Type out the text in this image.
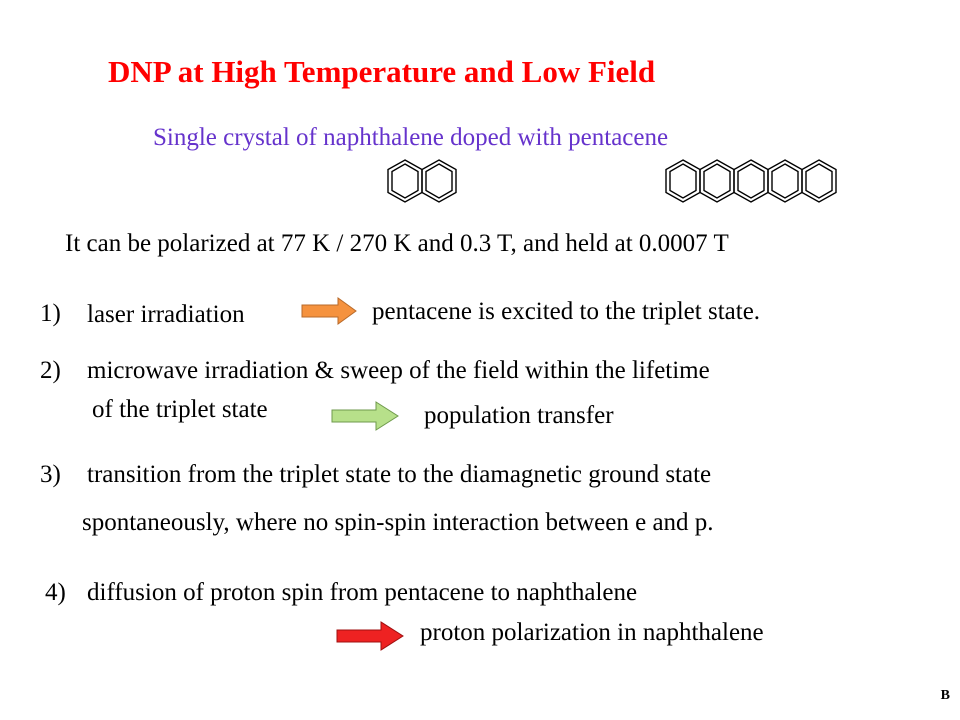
DNP at High Temperature and Low Field
Single crystal of naphthalene doped with pentacene
It can be polarized at 77 K / 270 K and 0.3 T, and held at 0.0007 T
1) laser irradiation	pentacene is excited to the triplet state.
2) microwave irradiation & sweep of the field within the lifetime
of the triplet state	population transfer
3) transition from the triplet state to the diamagnetic ground state
spontaneously, where no spin-spin interaction between e and p.
4) diffusion of proton spin from pentacene to naphthalene
proton polarization in naphthalene
B
